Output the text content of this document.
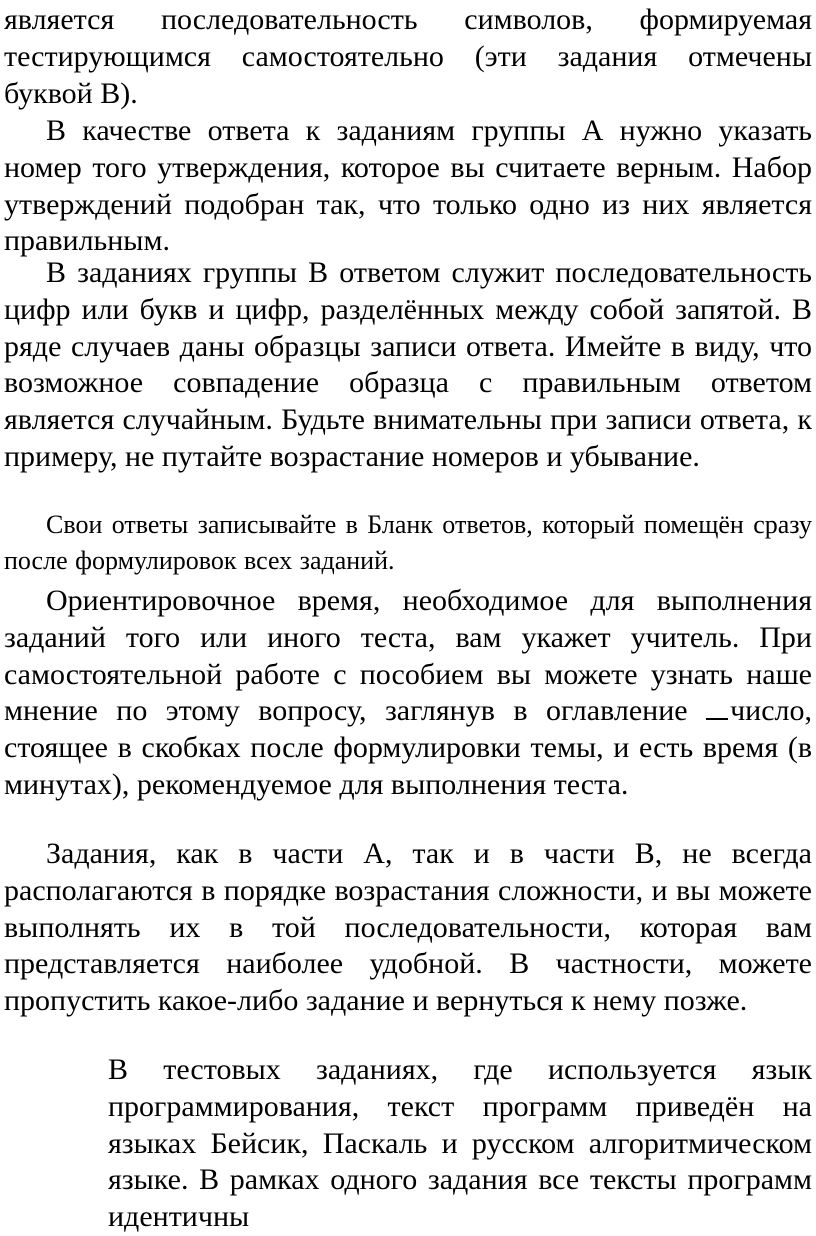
является последовательность символов, формируемая тестирующимся самостоятельно (эти задания отмечены буквой В).

В качестве ответа к заданиям группы А нужно указать номер того утверждения, которое вы считаете верным. Набор утверждений подобран так, что только одно из них является правильным.

В заданиях группы В ответом служит последовательность цифр или букв и цифр, разделённых между собой запятой. В ряде случаев даны образцы записи ответа. Имейте в виду, что возможное совпадение образца с правильным ответом является случайным. Будьте внимательны при записи ответа, к примеру, не путайте возрастание номеров и убывание.

Свои ответы записывайте в Бланк ответов, который помещён сразу после формулировок всех заданий.

Ориентировочное время, необходимое для выполнения заданий того или иного теста, вам укажет учитель. При самостоятельной работе с пособием вы можете узнать наше мнение по этому вопросу, заглянув в оглавление число, стоящее в скобках после формулировки темы, и есть время (в минутах), рекомендуемое для выполнения теста.

Задания, как в части А, так и в части В, не всегда располагаются в порядке возрастания сложности, и вы можете выполнять их в той последовательности, которая вам представляется наиболее удобной. В частности, можете пропустить какое-либо задание и вернуться к нему позже.

В тестовых заданиях, где используется язык программирования, текст программ приведён на языках Бейсик, Паскаль и русском алгоритмическом языке. В рамках одного задания все тексты программ идентичны
